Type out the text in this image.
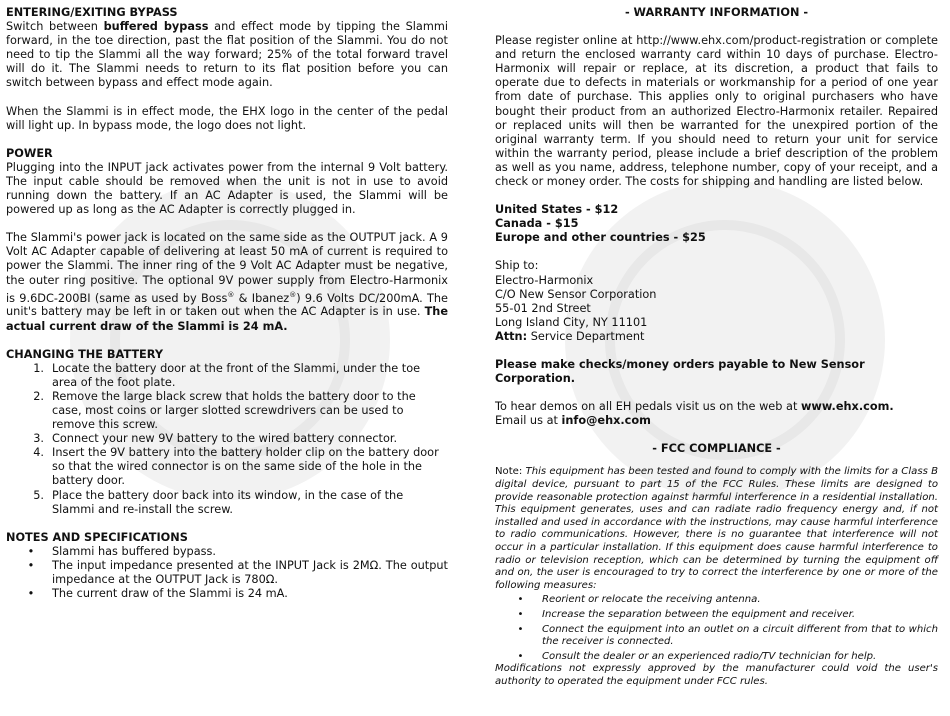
ENTERING/EXITING BYPASS

Switch between buffered bypass and effect mode by tipping the Slammi forward, in the toe direction, past the flat position of the Slammi. You do not need to tip the Slammi all the way forward; 25% of the total forward travel will do it. The Slammi needs to return to its flat position before you can switch between bypass and effect mode again.

When the Slammi is in effect mode, the EHX logo in the center of the pedal will light up. In bypass mode, the logo does not light.

POWER

Plugging into the INPUT jack activates power from the internal 9 Volt battery. The input cable should be removed when the unit is not in use to avoid running down the battery. If an AC Adapter is used, the Slammi will be powered up as long as the AC Adapter is correctly plugged in.

The Slammi's power jack is located on the same side as the OUTPUT jack. A 9 Volt AC Adapter capable of delivering at least 50 mA of current is required to power the Slammi. The inner ring of the 9 Volt AC Adapter must be negative, the outer ring positive. The optional 9V power supply from Electro-Harmonix is 9.6DC-200BI (same as used by Boss® & Ibanez®) 9.6 Volts DC/200mA. The unit's battery may be left in or taken out when the AC Adapter is in use. The actual current draw of the Slammi is 24 mA.

CHANGING THE BATTERY
1. Locate the battery door at the front of the Slammi, under the toe area of the foot plate.
2. Remove the large black screw that holds the battery door to the case, most coins or larger slotted screwdrivers can be used to remove this screw.
3. Connect your new 9V battery to the wired battery connector.
4. Insert the 9V battery into the battery holder clip on the battery door so that the wired connector is on the same side of the hole in the battery door.
5. Place the battery door back into its window, in the case of the Slammi and re-install the screw.
NOTES AND SPECIFICATIONS
•	Slammi has buffered bypass.
•	The input impedance presented at the INPUT Jack is 2MΩ. The output impedance at the OUTPUT Jack is 780Ω.
•	The current draw of the Slammi is 24 mA.
- WARRANTY INFORMATION -

Please register online at http://www.ehx.com/product-registration or complete and return the enclosed warranty card within 10 days of purchase. Electro-Harmonix will repair or replace, at its discretion, a product that fails to operate due to defects in materials or workmanship for a period of one year from date of purchase. This applies only to original purchasers who have bought their product from an authorized Electro-Harmonix retailer. Repaired or replaced units will then be warranted for the unexpired portion of the original warranty term. If you should need to return your unit for service within the warranty period, please include a brief description of the problem as well as you name, address, telephone number, copy of your receipt, and a check or money order. The costs for shipping and handling are listed below.

United States - $12
Canada - $15
Europe and other countries - $25
Ship to:
Electro-Harmonix
C/O New Sensor Corporation
55-01 2nd Street
Long Island City, NY 11101
Attn: Service Department
Please make checks/money orders payable to New Sensor Corporation.
To hear demos on all EH pedals visit us on the web at www.ehx.com.
Email us at info@ehx.com
- FCC COMPLIANCE -

Note: This equipment has been tested and found to comply with the limits for a Class B digital device, pursuant to part 15 of the FCC Rules. These limits are designed to provide reasonable protection against harmful interference in a residential installation. This equipment generates, uses and can radiate radio frequency energy and, if not installed and used in accordance with the instructions, may cause harmful interference to radio communications. However, there is no guarantee that interference will not occur in a particular installation. If this equipment does cause harmful interference to radio or television reception, which can be determined by turning the equipment off and on, the user is encouraged to try to correct the interference by one or more of the following measures:

•	Reorient or relocate the receiving antenna.
•	Increase the separation between the equipment and receiver.
•	Connect the equipment into an outlet on a circuit different from that to which the receiver is connected.
•	Consult the dealer or an experienced radio/TV technician for help.

Modifications not expressly approved by the manufacturer could void the user's authority to operated the equipment under FCC rules.
